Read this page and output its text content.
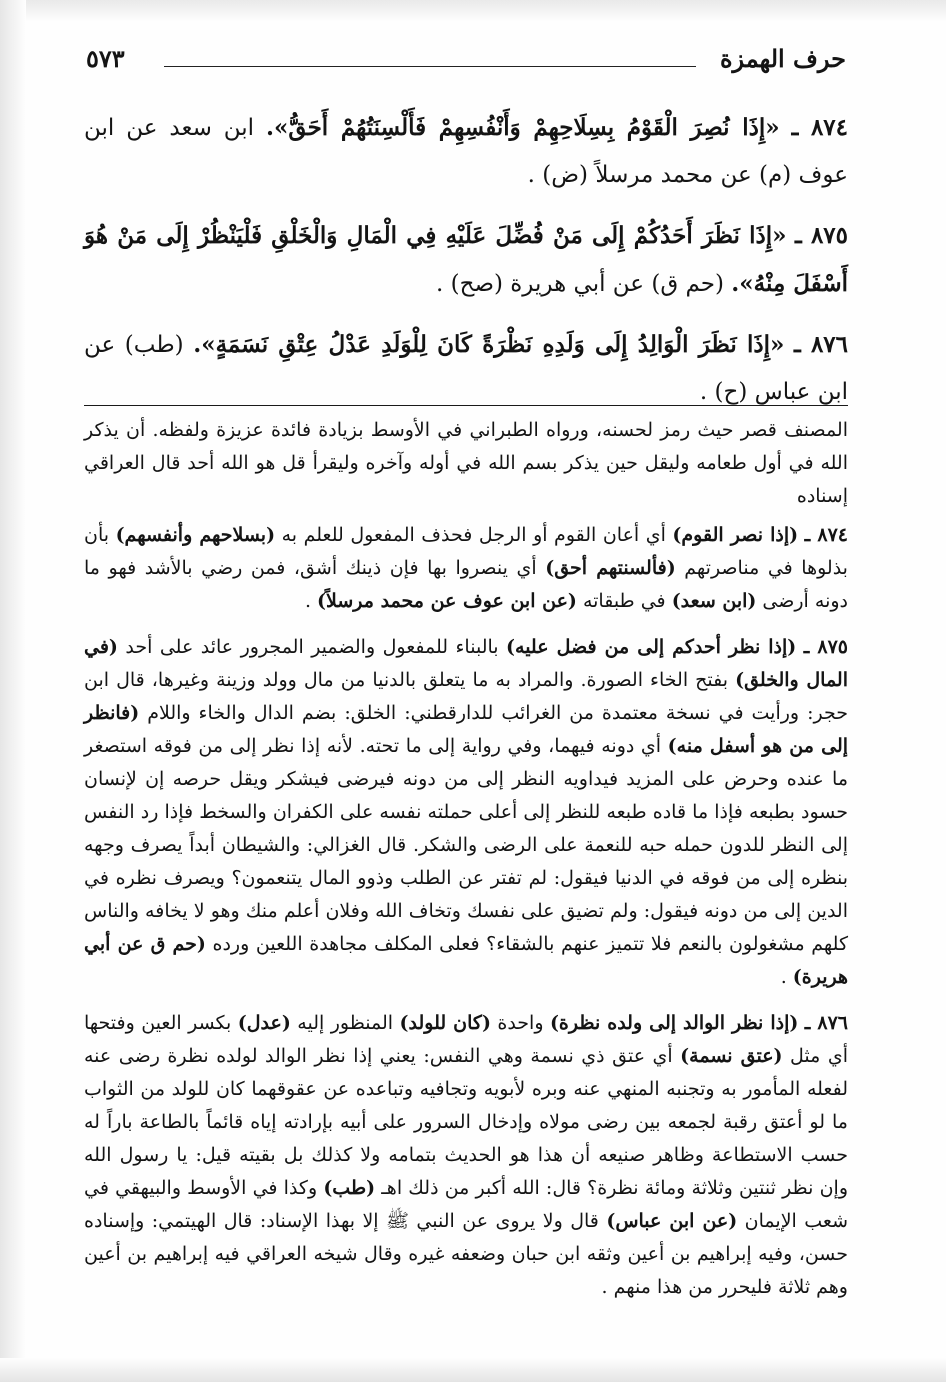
حرف الهمزة
٥٧٣

٨٧٤ ـ «إِذَا نُصِرَ الْقَوْمُ بِسِلَاحِهِمْ وَأَنْفُسِهِمْ فَأَلْسِنَتُهُمْ أَحَقُّ». ابن سعد عن ابن عوف (م) عن محمد مرسلاً (ض) .

٨٧٥ ـ «إِذَا نَظَرَ أَحَدُكُمْ إِلَى مَنْ فُضِّلَ عَلَيْهِ فِي الْمَالِ وَالْخَلْقِ فَلْيَنْظُرْ إِلَى مَنْ هُوَ أَسْفَلَ مِنْهُ». (حم ق) عن أبي هريرة (صح) .

٨٧٦ ـ «إِذَا نَظَرَ الْوَالِدُ إِلَى وَلَدِهِ نَظْرَةً كَانَ لِلْوَلَدِ عَدْلُ عِتْقِ نَسَمَةٍ». (طب) عن ابن عباس (ح) .

المصنف قصر حيث رمز لحسنه، ورواه الطبراني في الأوسط بزيادة فائدة عزيزة ولفظه. أن يذكر الله في أول طعامه وليقل حين يذكر بسم الله في أوله وآخره وليقرأ قل هو الله أحد قال العراقي إسناده

٨٧٤ ـ (إذا نصر القوم) أي أعان القوم أو الرجل فحذف المفعول للعلم به (بسلاحهم وأنفسهم) بأن بذلوها في مناصرتهم (فألسنتهم أحق) أي ينصروا بها فإن ذينك أشق، فمن رضي بالأشد فهو ما دونه أرضى (ابن سعد) في طبقاته (عن ابن عوف عن محمد مرسلاً) .

٨٧٥ ـ (إذا نظر أحدكم إلى من فضل عليه) بالبناء للمفعول والضمير المجرور عائد على أحد (في المال والخلق) بفتح الخاء الصورة. والمراد به ما يتعلق بالدنيا من مال وولد وزينة وغيرها، قال ابن حجر: ورأيت في نسخة معتمدة من الغرائب للدارقطني: الخلق: بضم الدال والخاء واللام (فانظر إلى من هو أسفل منه) أي دونه فيهما، وفي رواية إلى ما تحته. لأنه إذا نظر إلى من فوقه استصغر ما عنده وحرض على المزيد فيداويه النظر إلى من دونه فيرضى فيشكر ويقل حرصه إن لإنسان حسود بطبعه فإذا ما قاده طبعه للنظر إلى أعلى حملته نفسه على الكفران والسخط فإذا رد النفس إلى النظر للدون حمله حبه للنعمة على الرضى والشكر. قال الغزالي: والشيطان أبداً يصرف وجهه بنظره إلى من فوقه في الدنيا فيقول: لم تفتر عن الطلب وذوو المال يتنعمون؟ ويصرف نظره في الدين إلى من دونه فيقول: ولم تضيق على نفسك وتخاف الله وفلان أعلم منك وهو لا يخافه والناس كلهم مشغولون بالنعم فلا تتميز عنهم بالشقاء؟ فعلى المكلف مجاهدة اللعين ورده (حم ق عن أبي هريرة) .

٨٧٦ ـ (إذا نظر الوالد إلى ولده نظرة) واحدة (كان للولد) المنظور إليه (عدل) بكسر العين وفتحها أي مثل (عتق نسمة) أي عتق ذي نسمة وهي النفس: يعني إذا نظر الوالد لولده نظرة رضى عنه لفعله المأمور به وتجنبه المنهي عنه وبره لأبويه وتجافيه وتباعده عن عقوقهما كان للولد من الثواب ما لو أعتق رقبة لجمعه بين رضى مولاه وإدخال السرور على أبيه بإرادته إياه قائماً بالطاعة باراً له حسب الاستطاعة وظاهر صنيعه أن هذا هو الحديث بتمامه ولا كذلك بل بقيته قيل: يا رسول الله وإن نظر ثنتين وثلاثة ومائة نظرة؟ قال: الله أكبر من ذلك اهـ (طب) وكذا في الأوسط والبيهقي في شعب الإيمان (عن ابن عباس) قال ولا يروى عن النبي ﷺ إلا بهذا الإسناد: قال الهيتمي: وإسناده حسن، وفيه إبراهيم بن أعين وثقه ابن حبان وضعفه غيره وقال شيخه العراقي فيه إبراهيم بن أعين وهم ثلاثة فليحرر من هذا منهم .
